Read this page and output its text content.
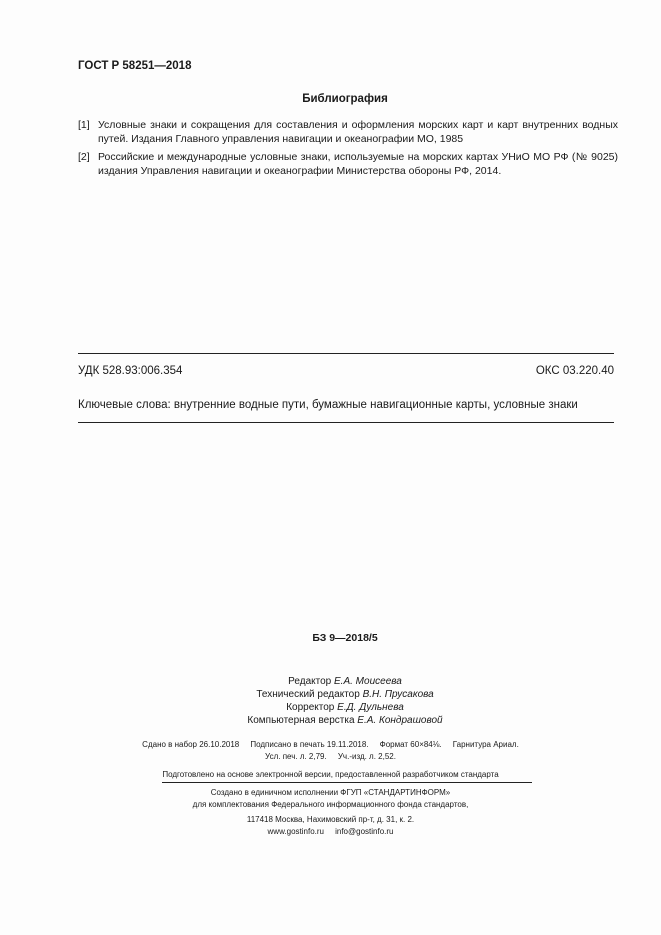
ГОСТ Р 58251—2018
Библиография
[1] Условные знаки и сокращения для составления и оформления морских карт и карт внутренних водных путей. Издания Главного управления навигации и океанографии МО, 1985
[2] Российские и международные условные знаки, используемые на морских картах УНиО МО РФ (№ 9025) издания Управления навигации и океанографии Министерства обороны РФ, 2014.
УДК 528.93:006.354	ОКС 03.220.40
Ключевые слова: внутренние водные пути, бумажные навигационные карты, условные знаки
БЗ 9—2018/5
Редактор Е.А. Моисеева
Технический редактор В.Н. Прусакова
Корректор Е.Д. Дульнева
Компьютерная верстка Е.А. Кондрашовой
Сдано в набор 26.10.2018     Подписано в печать 19.11.2018.     Формат 60×84⅛.     Гарнитура Ариал.
Усл. печ. л. 2,79.     Уч.-изд. л. 2,52.
Подготовлено на основе электронной версии, предоставленной разработчиком стандарта
Создано в единичном исполнении ФГУП «СТАНДАРТИНФОРМ»
для комплектования Федерального информационного фонда стандартов,
117418 Москва, Нахимовский пр-т, д. 31, к. 2.
www.gostinfo.ru info@gostinfo.ru
